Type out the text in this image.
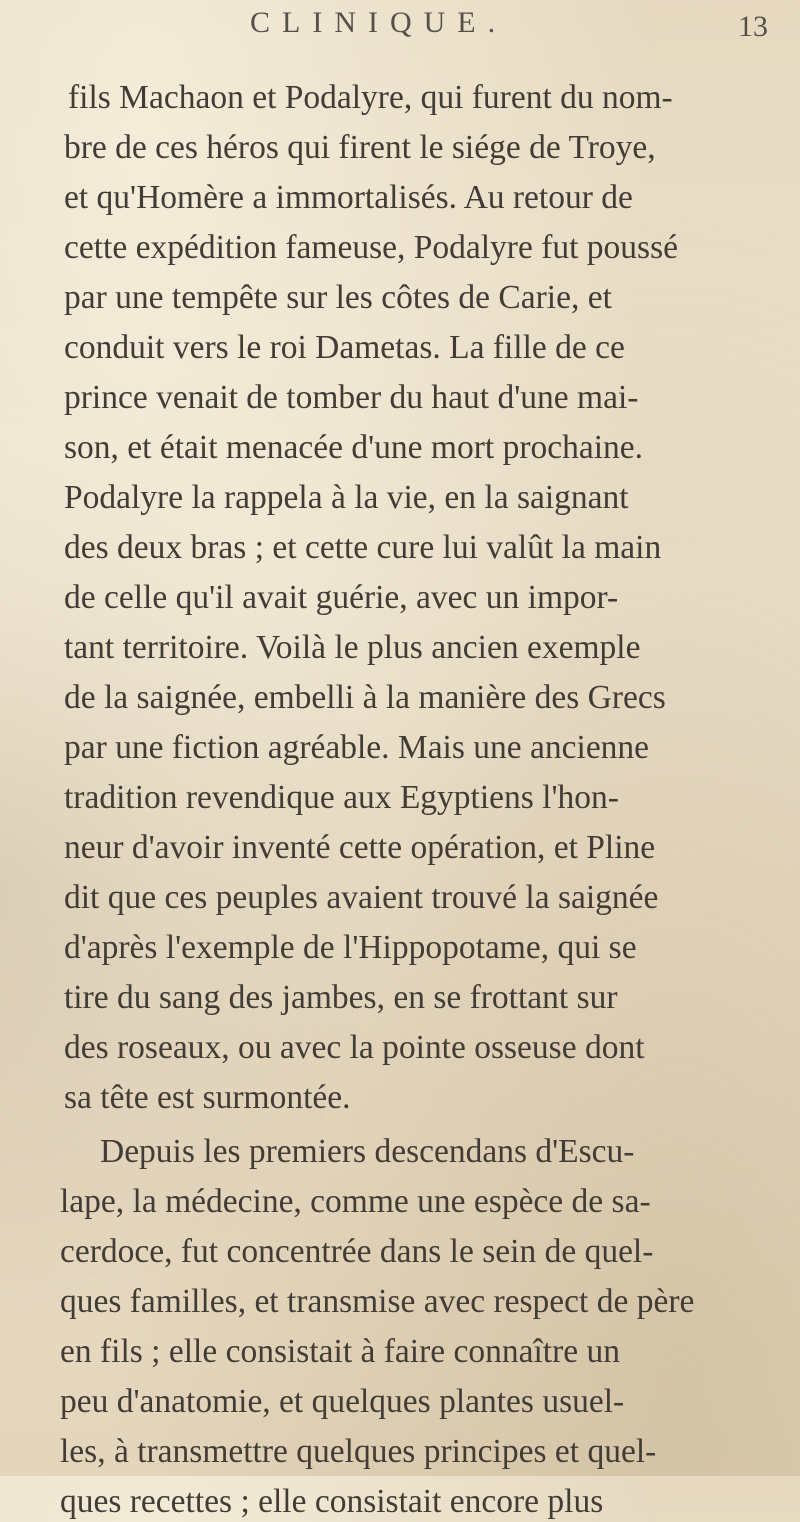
CLINIQUE.	13
fils Machaon et Podalyre, qui furent du nom-
bre de ces héros qui firent le siége de Troye,
et qu'Homère a immortalisés. Au retour de
cette expédition fameuse, Podalyre fut poussé
par une tempête sur les côtes de Carie, et
conduit vers le roi Dametas. La fille de ce
prince venait de tomber du haut d'une mai-
son, et était menacée d'une mort prochaine.
Podalyre la rappela à la vie, en la saignant
des deux bras ; et cette cure lui valût la main
de celle qu'il avait guérie, avec un impor-
tant territoire. Voilà le plus ancien exemple
de la saignée, embelli à la manière des Grecs
par une fiction agréable. Mais une ancienne
tradition revendique aux Egyptiens l'hon-
neur d'avoir inventé cette opération, et Pline
dit que ces peuples avaient trouvé la saignée
d'après l'exemple de l'Hippopotame, qui se
tire du sang des jambes, en se frottant sur
des roseaux, ou avec la pointe osseuse dont
sa tête est surmontée.
Depuis les premiers descendans d'Escu-
lape, la médecine, comme une espèce de sa-
cerdoce, fut concentrée dans le sein de quel-
ques familles, et transmise avec respect de père
en fils ; elle consistait à faire connaître un
peu d'anatomie, et quelques plantes usuel-
les, à transmettre quelques principes et quel-
ques recettes ; elle consistait encore plus
